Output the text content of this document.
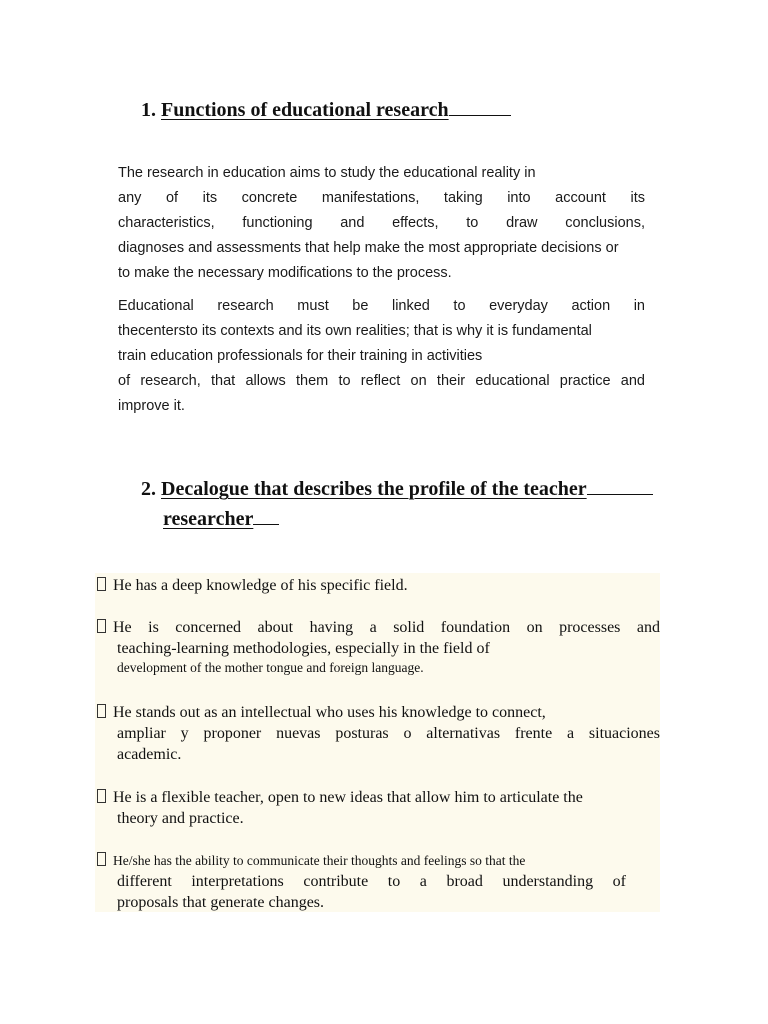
1. Functions of educational research
The research in education aims to study the educational reality in
any of its concrete manifestations, taking into account its
characteristics, functioning and effects, to draw conclusions,
diagnoses and assessments that help make the most appropriate decisions or
to make the necessary modifications to the process.
Educational research must be linked to everyday action in
thecentersto its contexts and its own realities; that is why it is fundamental
train education professionals for their training in activities
of research, that allows them to reflect on their educational practice and
improve it.
2. Decalogue that describes the profile of the teacher
researcher
He has a deep knowledge of his specific field.
He is concerned about having a solid foundation on processes and
teaching-learning methodologies, especially in the field of
development of the mother tongue and foreign language.
He stands out as an intellectual who uses his knowledge to connect,
ampliar y proponer nuevas posturas o alternativas frente a situaciones
academic.
He is a flexible teacher, open to new ideas that allow him to articulate the
theory and practice.
He/she has the ability to communicate their thoughts and feelings so that the
different interpretations contribute to a broad understanding of
proposals that generate changes.
